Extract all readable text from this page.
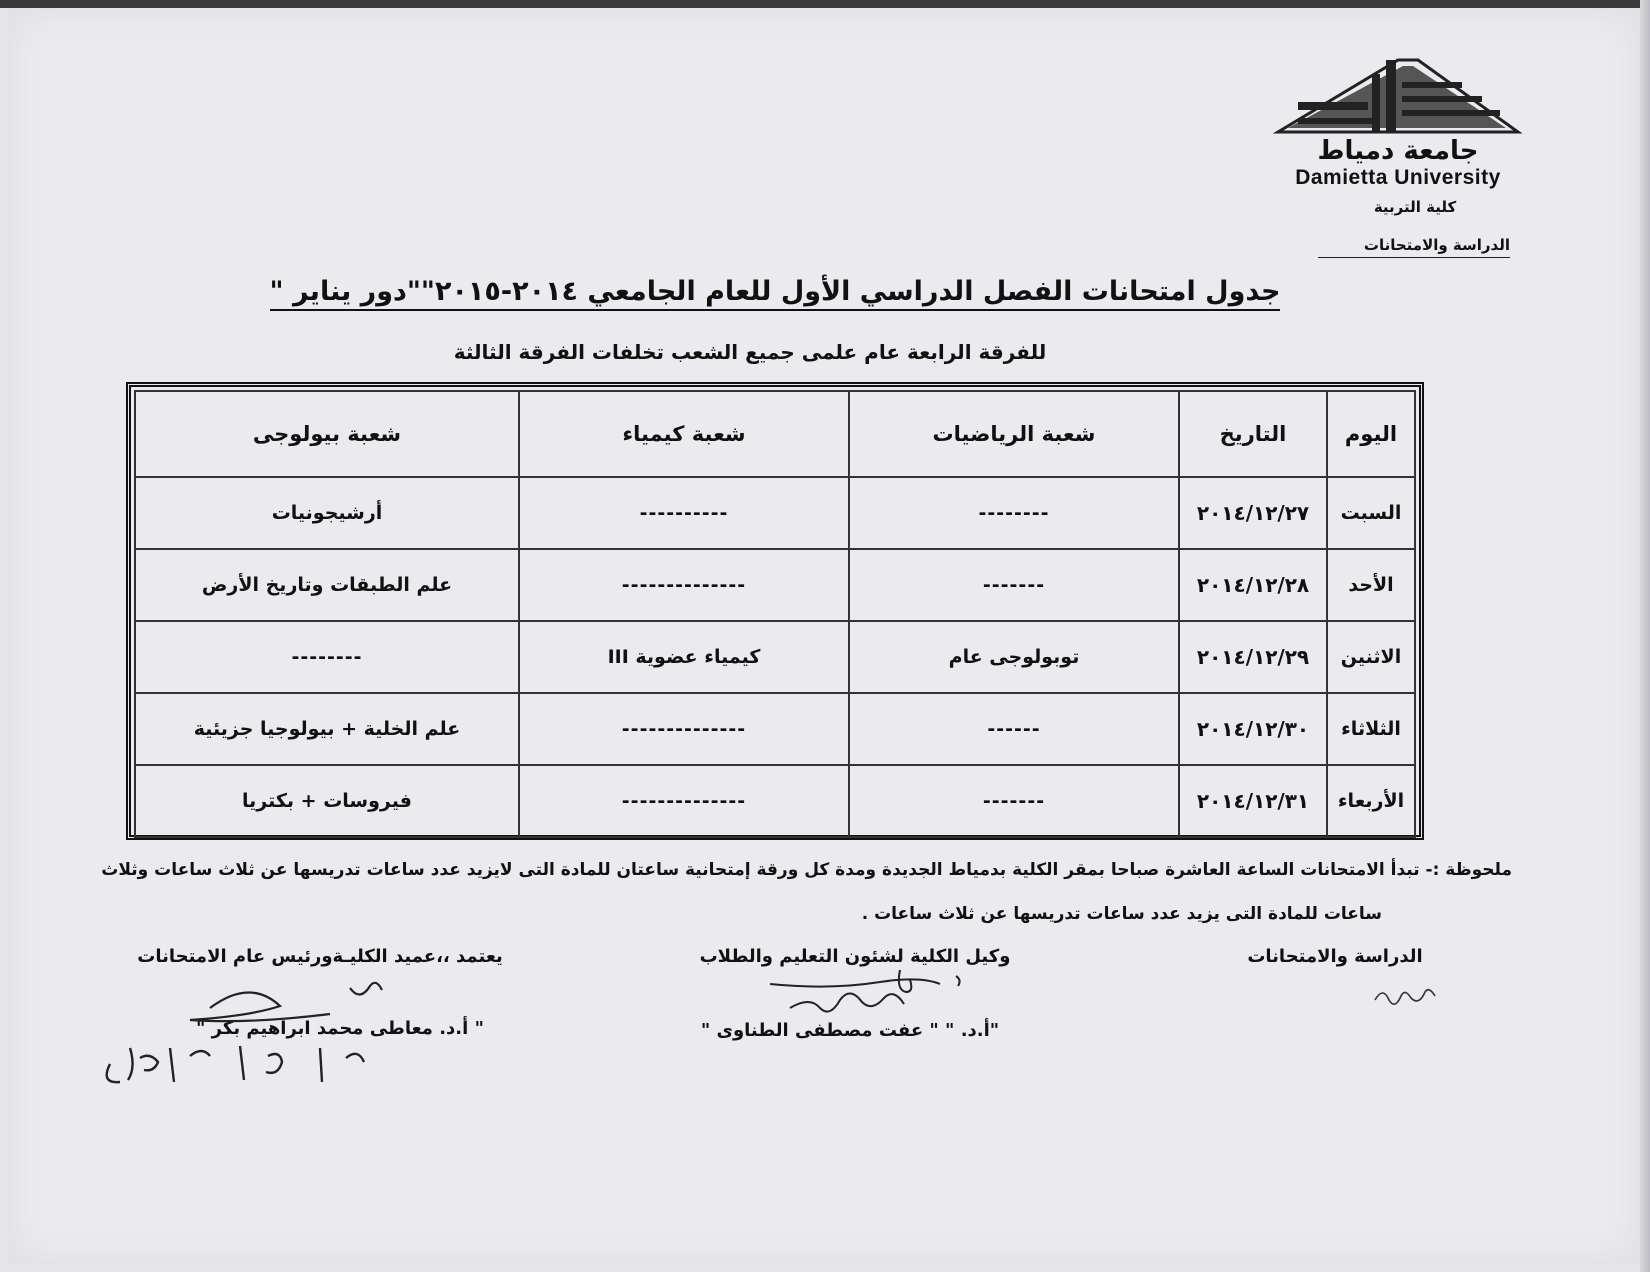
جامعة دمياط
Damietta University
كلية التربية
الدراسة والامتحانات
جدول امتحانات الفصل الدراسي الأول للعام الجامعي ٢٠١٤-٢٠١٥""دور يناير "
للفرقة الرابعة عام علمى جميع الشعب تخلفات الفرقة الثالثة
اليوم	التاريخ	شعبة الرياضيات	شعبة كيمياء	شعبة بيولوجى
السبت	٢٠١٤/١٢/٢٧	--------	----------	أرشيجونيات
الأحد	٢٠١٤/١٢/٢٨	-------	--------------	علم الطبقات وتاريخ الأرض
الاثنين	٢٠١٤/١٢/٢٩	توبولوجى عام	كيمياء عضوية III	--------
الثلاثاء	٢٠١٤/١٢/٣٠	------	--------------	علم الخلية + بيولوجيا جزيئية
الأربعاء	٢٠١٤/١٢/٣١	-------	--------------	فيروسات + بكتريا
ملحوظة :- تبدأ الامتحانات الساعة العاشرة صباحا بمقر الكلية بدمياط الجديدة ومدة كل ورقة إمتحانية ساعتان للمادة التى لايزيد عدد ساعات تدريسها عن ثلاث ساعات وثلاث
ساعات للمادة التى يزيد عدد ساعات تدريسها عن ثلاث ساعات .
الدراسة والامتحانات
وكيل الكلية لشئون التعليم والطلاب
يعتمد ،،عميد الكليـةورئيس عام الامتحانات
"أ.د. " " عفت مصطفى الطناوى "
" أ.د. معاطى محمد ابراهيم بكر "
